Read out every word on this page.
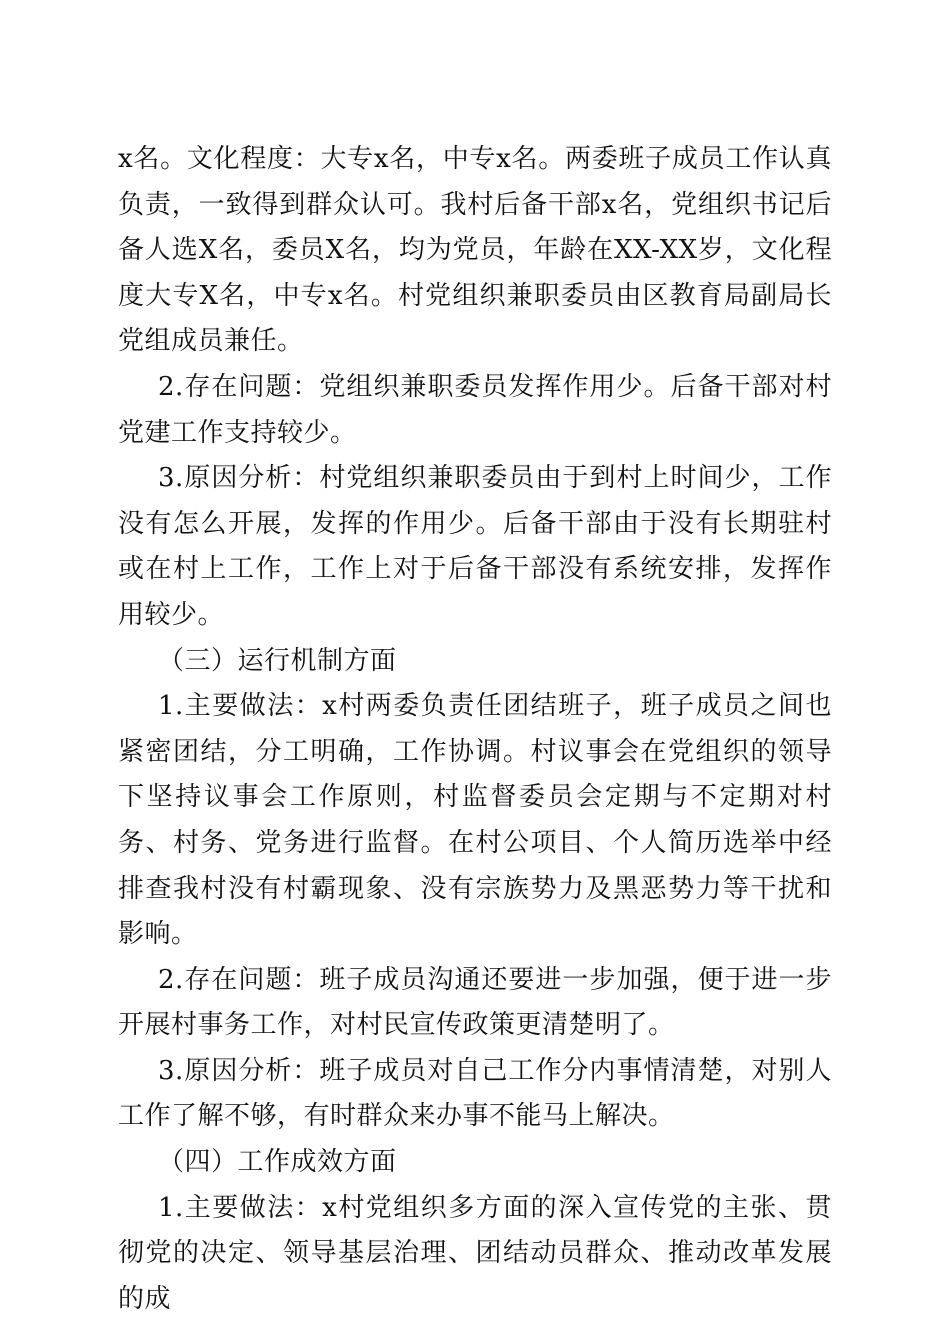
x名。文化程度：大专x名，中专x名。两委班子成员工作认真负责，一致得到群众认可。我村后备干部x名，党组织书记后备人选X名，委员X名，均为党员，年龄在XX-XX岁，文化程度大专X名，中专x名。村党组织兼职委员由区教育局副局长党组成员兼任。

2.存在问题：党组织兼职委员发挥作用少。后备干部对村党建工作支持较少。

3.原因分析：村党组织兼职委员由于到村上时间少，工作没有怎么开展，发挥的作用少。后备干部由于没有长期驻村或在村上工作，工作上对于后备干部没有系统安排，发挥作用较少。

（三）运行机制方面

1.主要做法：x村两委负责任团结班子，班子成员之间也紧密团结，分工明确，工作协调。村议事会在党组织的领导下坚持议事会工作原则，村监督委员会定期与不定期对村务、村务、党务进行监督。在村公项目、个人简历选举中经排查我村没有村霸现象、没有宗族势力及黑恶势力等干扰和影响。

2.存在问题：班子成员沟通还要进一步加强，便于进一步开展村事务工作，对村民宣传政策更清楚明了。

3.原因分析：班子成员对自己工作分内事情清楚，对别人工作了解不够，有时群众来办事不能马上解决。

（四）工作成效方面

1.主要做法：x村党组织多方面的深入宣传党的主张、贯彻党的决定、领导基层治理、团结动员群众、推动改革发展的成
